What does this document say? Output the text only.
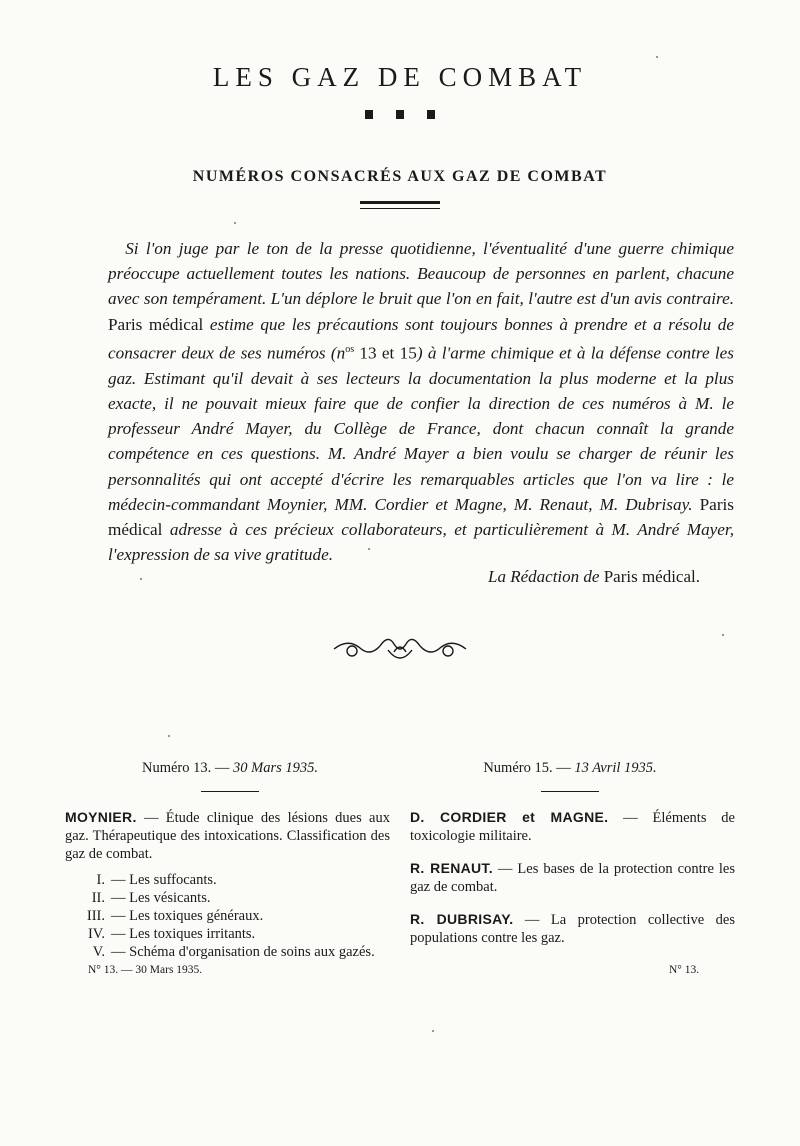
LES GAZ DE COMBAT
NUMÉROS CONSACRÉS AUX GAZ DE COMBAT

 Si l'on juge par le ton de la presse quotidienne, l'éventualité d'une guerre chimique préoccupe actuellement toutes les nations. Beaucoup de personnes en parlent, chacune avec son tempérament. L'un déplore le bruit que l'on en fait, l'autre est d'un avis contraire. Paris médical estime que les précautions sont toujours bonnes à prendre et a résolu de consacrer deux de ses numéros ($n^{os}$ 13 et 15) à l'arme chimique et à la défense contre les gaz. Estimant qu'il devait à ses lecteurs la documentation la plus moderne et la plus exacte, il ne pouvait mieux faire que de confier la direction de ces numéros à M. le professeur André Mayer, du Collège de France, dont chacun connaît la grande compétence en ces questions. M. André Mayer a bien voulu se charger de réunir les personnalités qui ont accepté d'écrire les remarquables articles que l'on va lire : le médecin-commandant Moynier, MM. Cordier et Magne, M. Renaut, M. Dubrisay. Paris médical adresse à ces précieux collaborateurs, et particulièrement à M. André Mayer, l'expression de sa vive gratitude.

La Rédaction de Paris médical.
Numéro 13. — 30 Mars 1935.
MOYNIER. — Étude clinique des lésions dues aux gaz. Thérapeutique des intoxications. Classification des gaz de combat.
I. — Les suffocants.
II. — Les vésicants.
III. — Les toxiques généraux.
IV. — Les toxiques irritants.
V. — Schéma d'organisation de soins aux gazés.
N° 13. — 30 Mars 1935.
Numéro 15. — 13 Avril 1935.
D. CORDIER et MAGNE. — Éléments de toxicologie militaire.
R. RENAUT. — Les bases de la protection contre les gaz de combat.
R. DUBRISAY. — La protection collective des populations contre les gaz.
N° 13.
